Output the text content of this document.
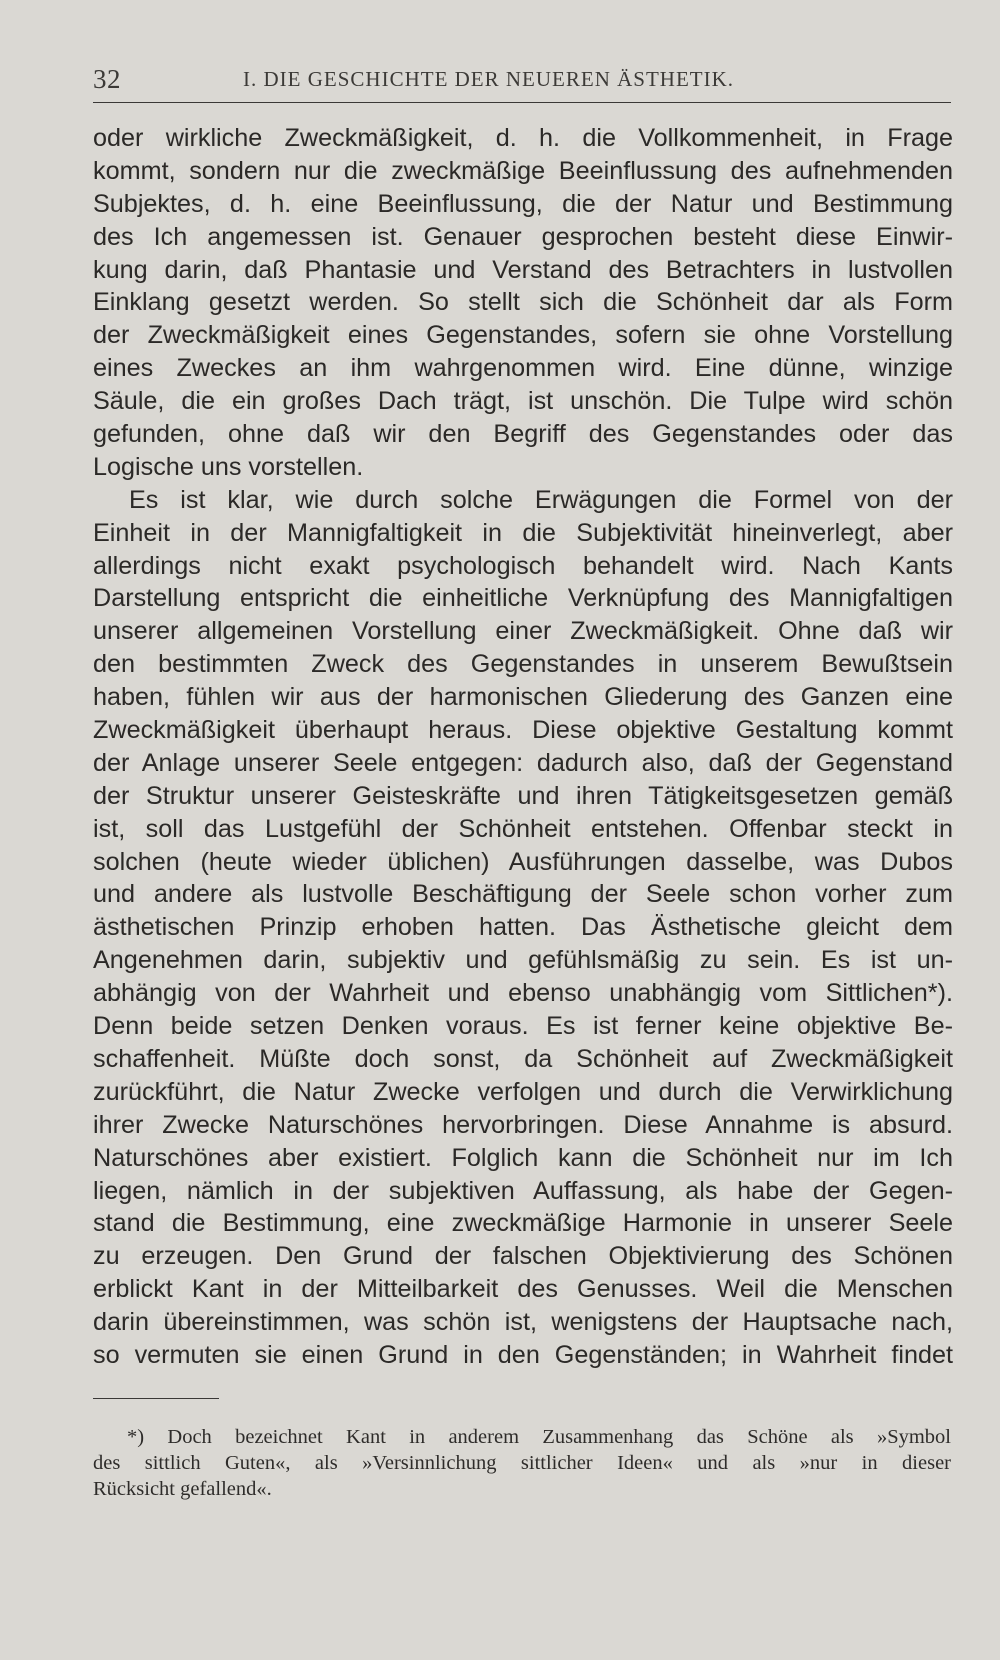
32	I. DIE GESCHICHTE DER NEUEREN ÄSTHETIK.
oder wirkliche Zweckmäßigkeit, d. h. die Vollkommenheit, in Frage
kommt, sondern nur die zweckmäßige Beeinflussung des aufnehmenden
Subjektes, d. h. eine Beeinflussung, die der Natur und Bestimmung
des Ich angemessen ist. Genauer gesprochen besteht diese Einwir-
kung darin, daß Phantasie und Verstand des Betrachters in lustvollen
Einklang gesetzt werden. So stellt sich die Schönheit dar als Form
der Zweckmäßigkeit eines Gegenstandes, sofern sie ohne Vorstellung
eines Zweckes an ihm wahrgenommen wird. Eine dünne, winzige
Säule, die ein großes Dach trägt, ist unschön. Die Tulpe wird schön
gefunden, ohne daß wir den Begriff des Gegenstandes oder das
Logische uns vorstellen.
Es ist klar, wie durch solche Erwägungen die Formel von der
Einheit in der Mannigfaltigkeit in die Subjektivität hineinverlegt, aber
allerdings nicht exakt psychologisch behandelt wird. Nach Kants
Darstellung entspricht die einheitliche Verknüpfung des Mannigfaltigen
unserer allgemeinen Vorstellung einer Zweckmäßigkeit. Ohne daß wir
den bestimmten Zweck des Gegenstandes in unserem Bewußtsein
haben, fühlen wir aus der harmonischen Gliederung des Ganzen eine
Zweckmäßigkeit überhaupt heraus. Diese objektive Gestaltung kommt
der Anlage unserer Seele entgegen: dadurch also, daß der Gegenstand
der Struktur unserer Geisteskräfte und ihren Tätigkeitsgesetzen gemäß
ist, soll das Lustgefühl der Schönheit entstehen. Offenbar steckt in
solchen (heute wieder üblichen) Ausführungen dasselbe, was Dubos
und andere als lustvolle Beschäftigung der Seele schon vorher zum
ästhetischen Prinzip erhoben hatten. Das Ästhetische gleicht dem
Angenehmen darin, subjektiv und gefühlsmäßig zu sein. Es ist un-
abhängig von der Wahrheit und ebenso unabhängig vom Sittlichen*).
Denn beide setzen Denken voraus. Es ist ferner keine objektive Be-
schaffenheit. Müßte doch sonst, da Schönheit auf Zweckmäßigkeit
zurückführt, die Natur Zwecke verfolgen und durch die Verwirklichung
ihrer Zwecke Naturschönes hervorbringen. Diese Annahme is absurd.
Naturschönes aber existiert. Folglich kann die Schönheit nur im Ich
liegen, nämlich in der subjektiven Auffassung, als habe der Gegen-
stand die Bestimmung, eine zweckmäßige Harmonie in unserer Seele
zu erzeugen. Den Grund der falschen Objektivierung des Schönen
erblickt Kant in der Mitteilbarkeit des Genusses. Weil die Menschen
darin übereinstimmen, was schön ist, wenigstens der Hauptsache nach,
so vermuten sie einen Grund in den Gegenständen; in Wahrheit findet
*) Doch bezeichnet Kant in anderem Zusammenhang das Schöne als »Symbol
des sittlich Guten«, als »Versinnlichung sittlicher Ideen« und als »nur in dieser
Rücksicht gefallend«.
